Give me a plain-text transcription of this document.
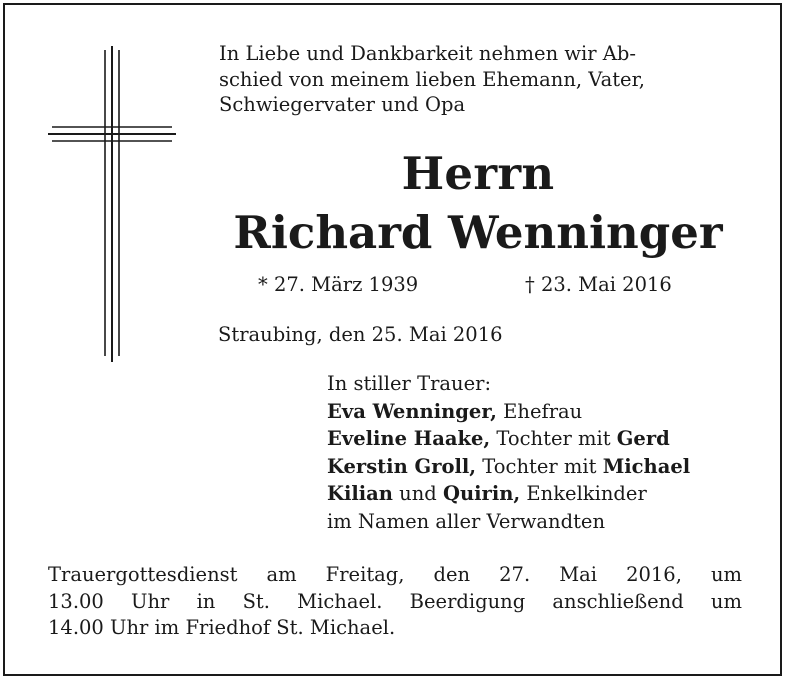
In Liebe und Dankbarkeit nehmen wir Ab-
schied von meinem lieben Ehemann, Vater,
Schwiegervater und Opa
Herrn
Richard Wenninger
* 27. März 1939	† 23. Mai 2016
Straubing, den 25. Mai 2016
In stiller Trauer:
Eva Wenninger, Ehefrau
Eveline Haake, Tochter mit Gerd
Kerstin Groll, Tochter mit Michael
Kilian und Quirin, Enkelkinder
im Namen aller Verwandten
Trauergottesdienst am Freitag, den 27. Mai 2016, um
13.00 Uhr in St. Michael. Beerdigung anschließend um
14.00 Uhr im Friedhof St. Michael.
